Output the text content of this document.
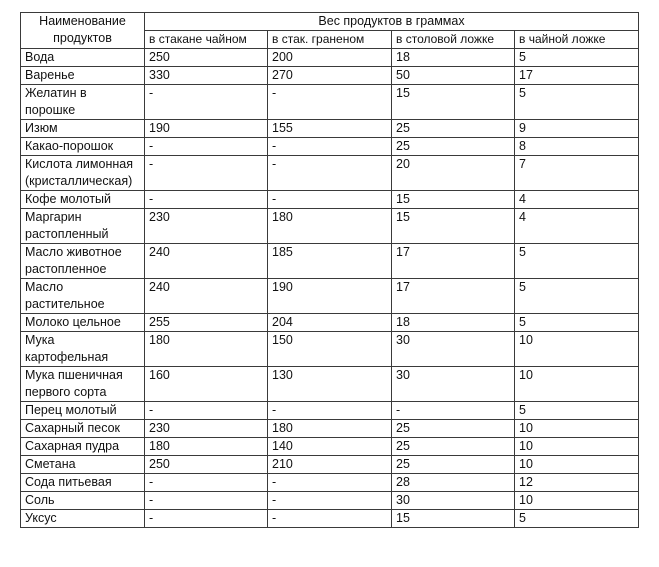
Наименование продуктов	Вес продуктов в граммах			
	в стакане чайном	в стак. граненом	в столовой ложке	в чайной ложке
Вода	250	200	18	5
Варенье	330	270	50	17
Желатин в порошке	-	-	15	5
Изюм	190	155	25	9
Какао-порошок	-	-	25	8
Кислота лимонная (кристаллическая)	-	-	20	7
Кофе молотый	-	-	15	4
Маргарин растопленный	230	180	15	4
Масло животное растопленное	240	185	17	5
Масло растительное	240	190	17	5
Молоко цельное	255	204	18	5
Мука картофельная	180	150	30	10
Мука пшеничная первого сорта	160	130	30	10
Перец молотый	-	-	-	5
Сахарный песок	230	180	25	10
Сахарная пудра	180	140	25	10
Сметана	250	210	25	10
Сода питьевая	-	-	28	12
Соль	-	-	30	10
Уксус	-	-	15	5
